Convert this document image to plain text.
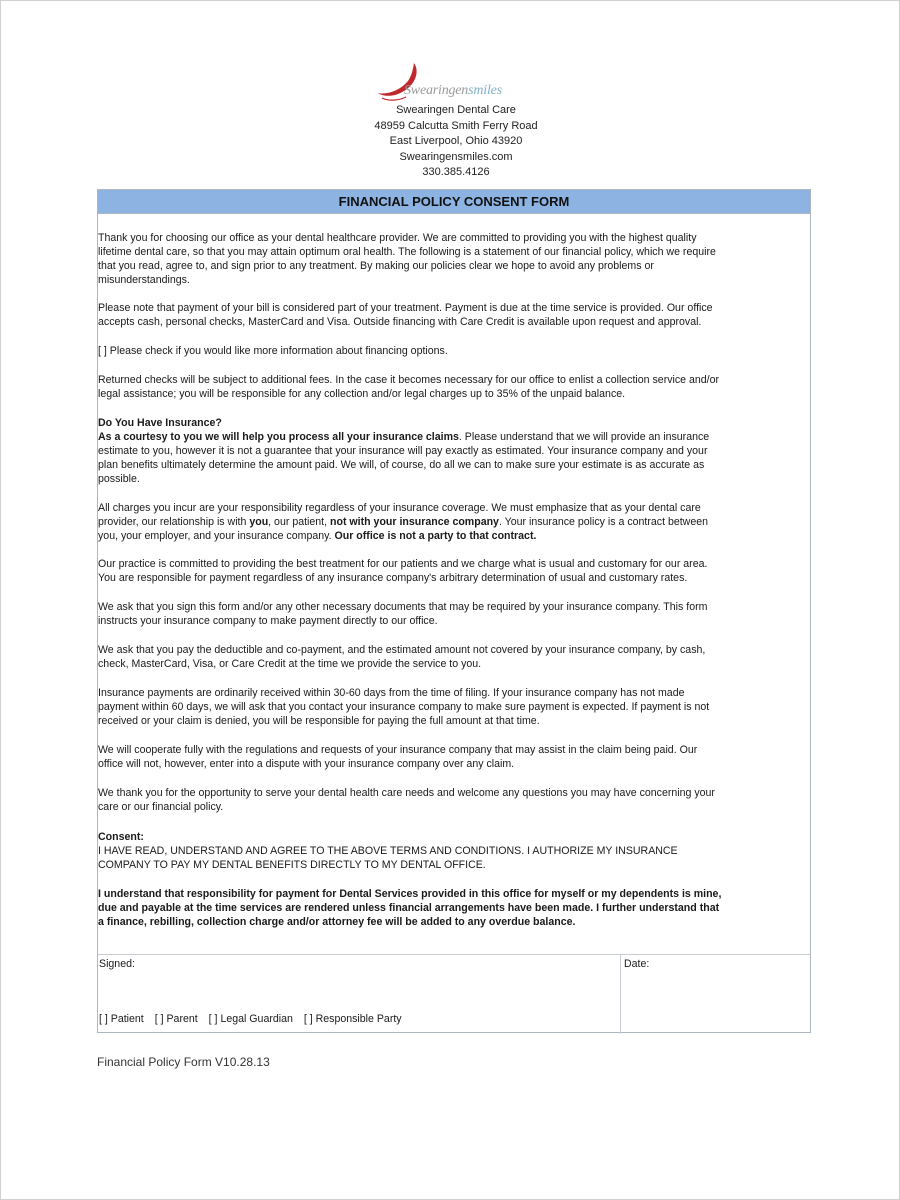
Swearingensmiles
Swearingen Dental Care
48959 Calcutta Smith Ferry Road
East Liverpool, Ohio 43920
Swearingensmiles.com
330.385.4126
FINANCIAL POLICY CONSENT FORM
Thank you for choosing our office as your dental healthcare provider. We are committed to providing you with the highest quality
lifetime dental care, so that you may attain optimum oral health. The following is a statement of our financial policy, which we require
that you read, agree to, and sign prior to any treatment. By making our policies clear we hope to avoid any problems or
misunderstandings.
Please note that payment of your bill is considered part of your treatment. Payment is due at the time service is provided. Our office
accepts cash, personal checks, MasterCard and Visa. Outside financing with Care Credit is available upon request and approval.
[ ] Please check if you would like more information about financing options.
Returned checks will be subject to additional fees. In the case it becomes necessary for our office to enlist a collection service and/or
legal assistance; you will be responsible for any collection and/or legal charges up to 35% of the unpaid balance.
Do You Have Insurance?
As a courtesy to you we will help you process all your insurance claims. Please understand that we will provide an insurance
estimate to you, however it is not a guarantee that your insurance will pay exactly as estimated. Your insurance company and your
plan benefits ultimately determine the amount paid. We will, of course, do all we can to make sure your estimate is as accurate as
possible.
All charges you incur are your responsibility regardless of your insurance coverage. We must emphasize that as your dental care
provider, our relationship is with you, our patient, not with your insurance company. Your insurance policy is a contract between
you, your employer, and your insurance company. Our office is not a party to that contract.
Our practice is committed to providing the best treatment for our patients and we charge what is usual and customary for our area.
You are responsible for payment regardless of any insurance company's arbitrary determination of usual and customary rates.
We ask that you sign this form and/or any other necessary documents that may be required by your insurance company. This form
instructs your insurance company to make payment directly to our office.
We ask that you pay the deductible and co-payment, and the estimated amount not covered by your insurance company, by cash,
check, MasterCard, Visa, or Care Credit at the time we provide the service to you.
Insurance payments are ordinarily received within 30-60 days from the time of filing. If your insurance company has not made
payment within 60 days, we will ask that you contact your insurance company to make sure payment is expected. If payment is not
received or your claim is denied, you will be responsible for paying the full amount at that time.
We will cooperate fully with the regulations and requests of your insurance company that may assist in the claim being paid. Our
office will not, however, enter into a dispute with your insurance company over any claim.
We thank you for the opportunity to serve your dental health care needs and welcome any questions you may have concerning your
care or our financial policy.
Consent:
I HAVE READ, UNDERSTAND AND AGREE TO THE ABOVE TERMS AND CONDITIONS. I AUTHORIZE MY INSURANCE
COMPANY TO PAY MY DENTAL BENEFITS DIRECTLY TO MY DENTAL OFFICE.
I understand that responsibility for payment for Dental Services provided in this office for myself or my dependents is mine,
due and payable at the time services are rendered unless financial arrangements have been made. I further understand that
a finance, rebilling, collection charge and/or attorney fee will be added to any overdue balance.
Signed:
[ ] Patient [ ] Parent [ ] Legal Guardian [ ] Responsible Party
Date:
Financial Policy Form V10.28.13
